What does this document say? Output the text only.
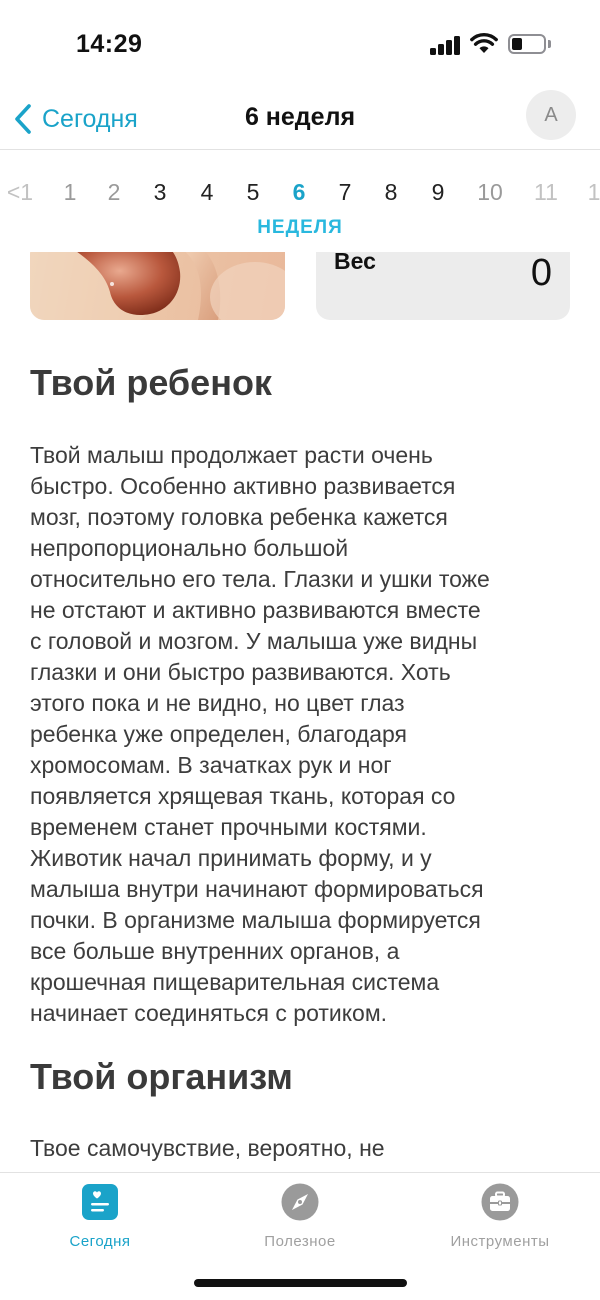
14:29
Сегодня	6 неделя	A
<1	1	2	3	4	5	6	7	8	9	10	11	1
НЕДЕЛЯ
Вес	0
Твой ребенок
Твой малыш продолжает расти очень
быстро. Особенно активно развивается
мозг, поэтому головка ребенка кажется
непропорционально большой
относительно его тела. Глазки и ушки тоже
не отстают и активно развиваются вместе
с головой и мозгом. У малыша уже видны
глазки и они быстро развиваются. Хоть
этого пока и не видно, но цвет глаз
ребенка уже определен, благодаря
хромосомам. В зачатках рук и ног
появляется хрящевая ткань, которая со
временем станет прочными костями.
Животик начал принимать форму, и у
малыша внутри начинают формироваться
почки. В организме малыша формируется
все больше внутренних органов, а
крошечная пищеварительная система
начинает соединяться с ротиком.
Твой организм
Твое самочувствие, вероятно, не
Сегодня	Полезное	Инструменты
